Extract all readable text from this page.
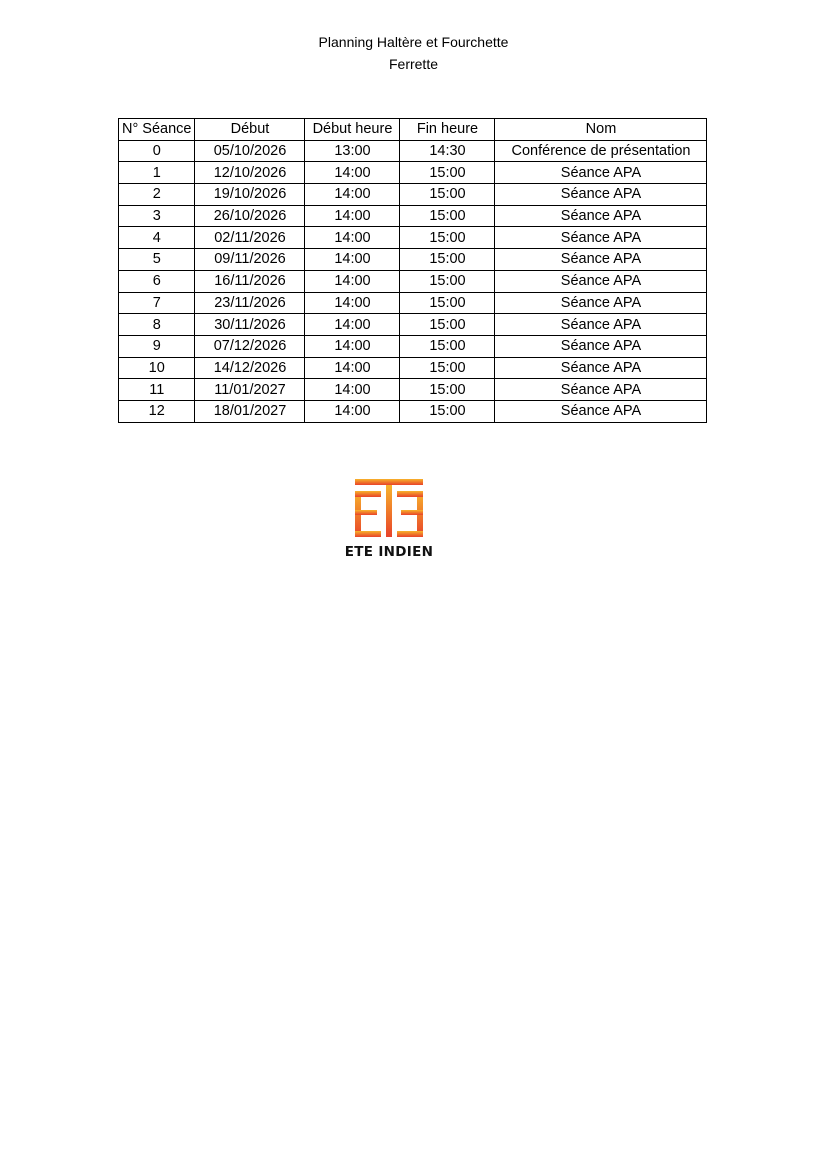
Planning Haltère et Fourchette
Ferrette
N° Séance	Début	Début heure	Fin heure	Nom
0	05/10/2026	13:00	14:30	Conférence de présentation
1	12/10/2026	14:00	15:00	Séance APA
2	19/10/2026	14:00	15:00	Séance APA
3	26/10/2026	14:00	15:00	Séance APA
4	02/11/2026	14:00	15:00	Séance APA
5	09/11/2026	14:00	15:00	Séance APA
6	16/11/2026	14:00	15:00	Séance APA
7	23/11/2026	14:00	15:00	Séance APA
8	30/11/2026	14:00	15:00	Séance APA
9	07/12/2026	14:00	15:00	Séance APA
10	14/12/2026	14:00	15:00	Séance APA
11	11/01/2027	14:00	15:00	Séance APA
12	18/01/2027	14:00	15:00	Séance APA
ETE INDIEN
